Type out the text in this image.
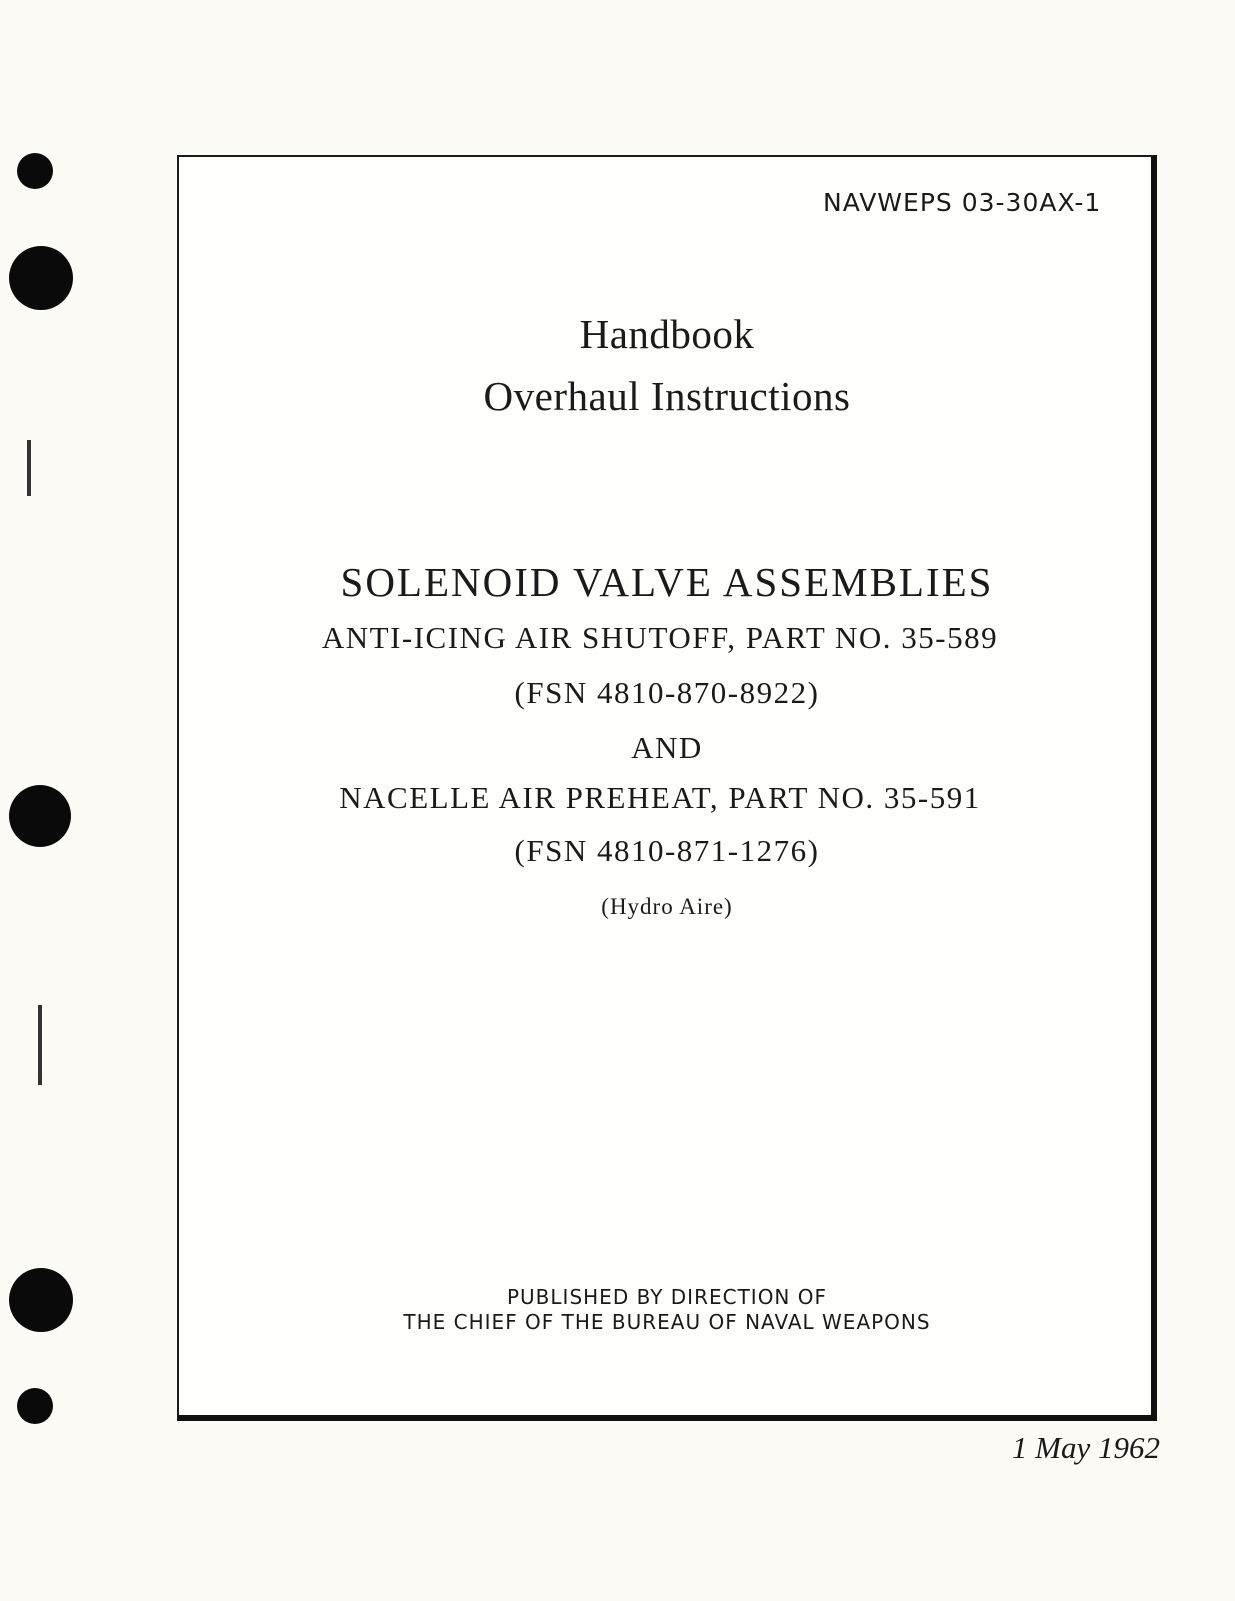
NAVWEPS 03-30AX-1
Handbook
Overhaul Instructions
SOLENOID VALVE ASSEMBLIES
ANTI-ICING AIR SHUTOFF, PART NO. 35-589
(FSN 4810-870-8922)
AND
NACELLE AIR PREHEAT, PART NO. 35-591
(FSN 4810-871-1276)
(Hydro Aire)
PUBLISHED BY DIRECTION OF
THE CHIEF OF THE BUREAU OF NAVAL WEAPONS
1 May 1962
